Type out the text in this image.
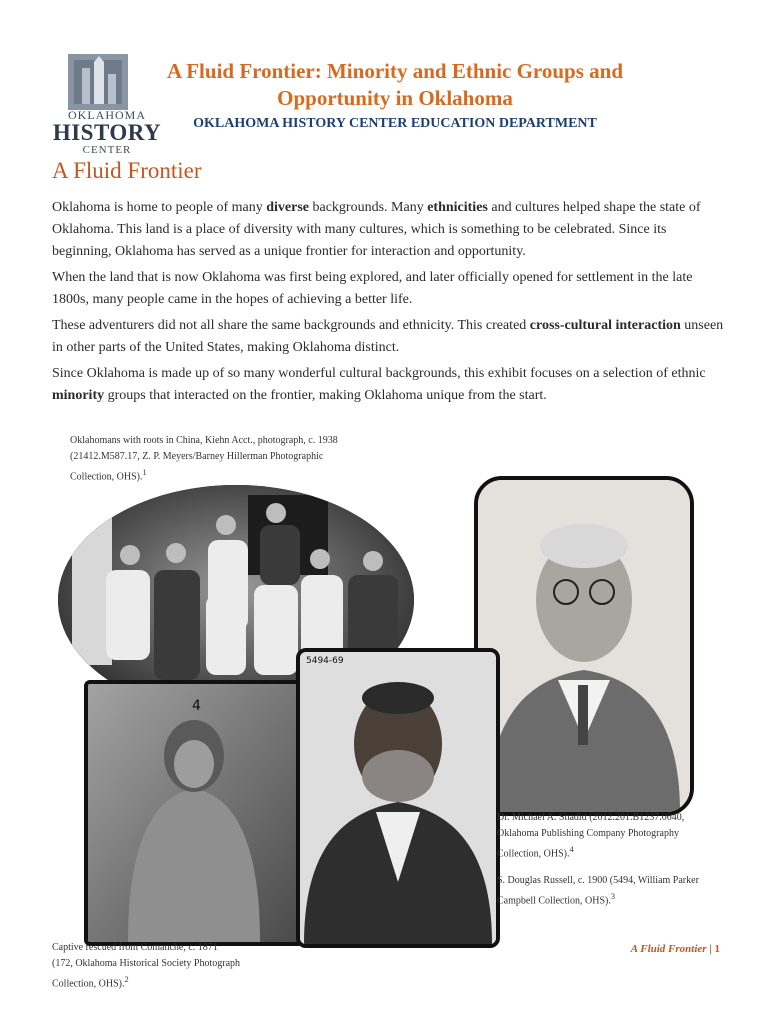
OKLAHOMA
HISTORY
CENTER
A Fluid Frontier: Minority and Ethnic Groups and Opportunity in Oklahoma
OKLAHOMA HISTORY CENTER EDUCATION DEPARTMENT
A Fluid Frontier

Oklahoma is home to people of many diverse backgrounds. Many ethnicities and cultures helped shape the state of Oklahoma. This land is a place of diversity with many cultures, which is something to be celebrated. Since its beginning, Oklahoma has served as a unique frontier for interaction and opportunity.

When the land that is now Oklahoma was first being explored, and later officially opened for settlement in the late 1800s, many people came in the hopes of achieving a better life.

These adventurers did not all share the same backgrounds and ethnicity. This created cross-cultural interaction unseen in other parts of the United States, making Oklahoma distinct.

Since Oklahoma is made up of so many wonderful cultural backgrounds, this exhibit focuses on a selection of ethnic minority groups that interacted on the frontier, making Oklahoma unique from the start.

Oklahomans with roots in China, Kiehn Acct., photograph, c. 1938
(21412.M587.17, Z. P. Meyers/Barney Hillerman Photographic
Collection, OHS).$^1$
4
5494-69
Dr. Michael A. Shadid (2012.201.B1237.0640,
Oklahoma Publishing Company Photography
Collection, OHS).$^4$
S. Douglas Russell, c. 1900 (5494, William Parker
Campbell Collection, OHS).$^3$
Captive rescued from Comanche, c. 1871
(172, Oklahoma Historical Society Photograph
Collection, OHS).$^2$
A Fluid Frontier | 1
